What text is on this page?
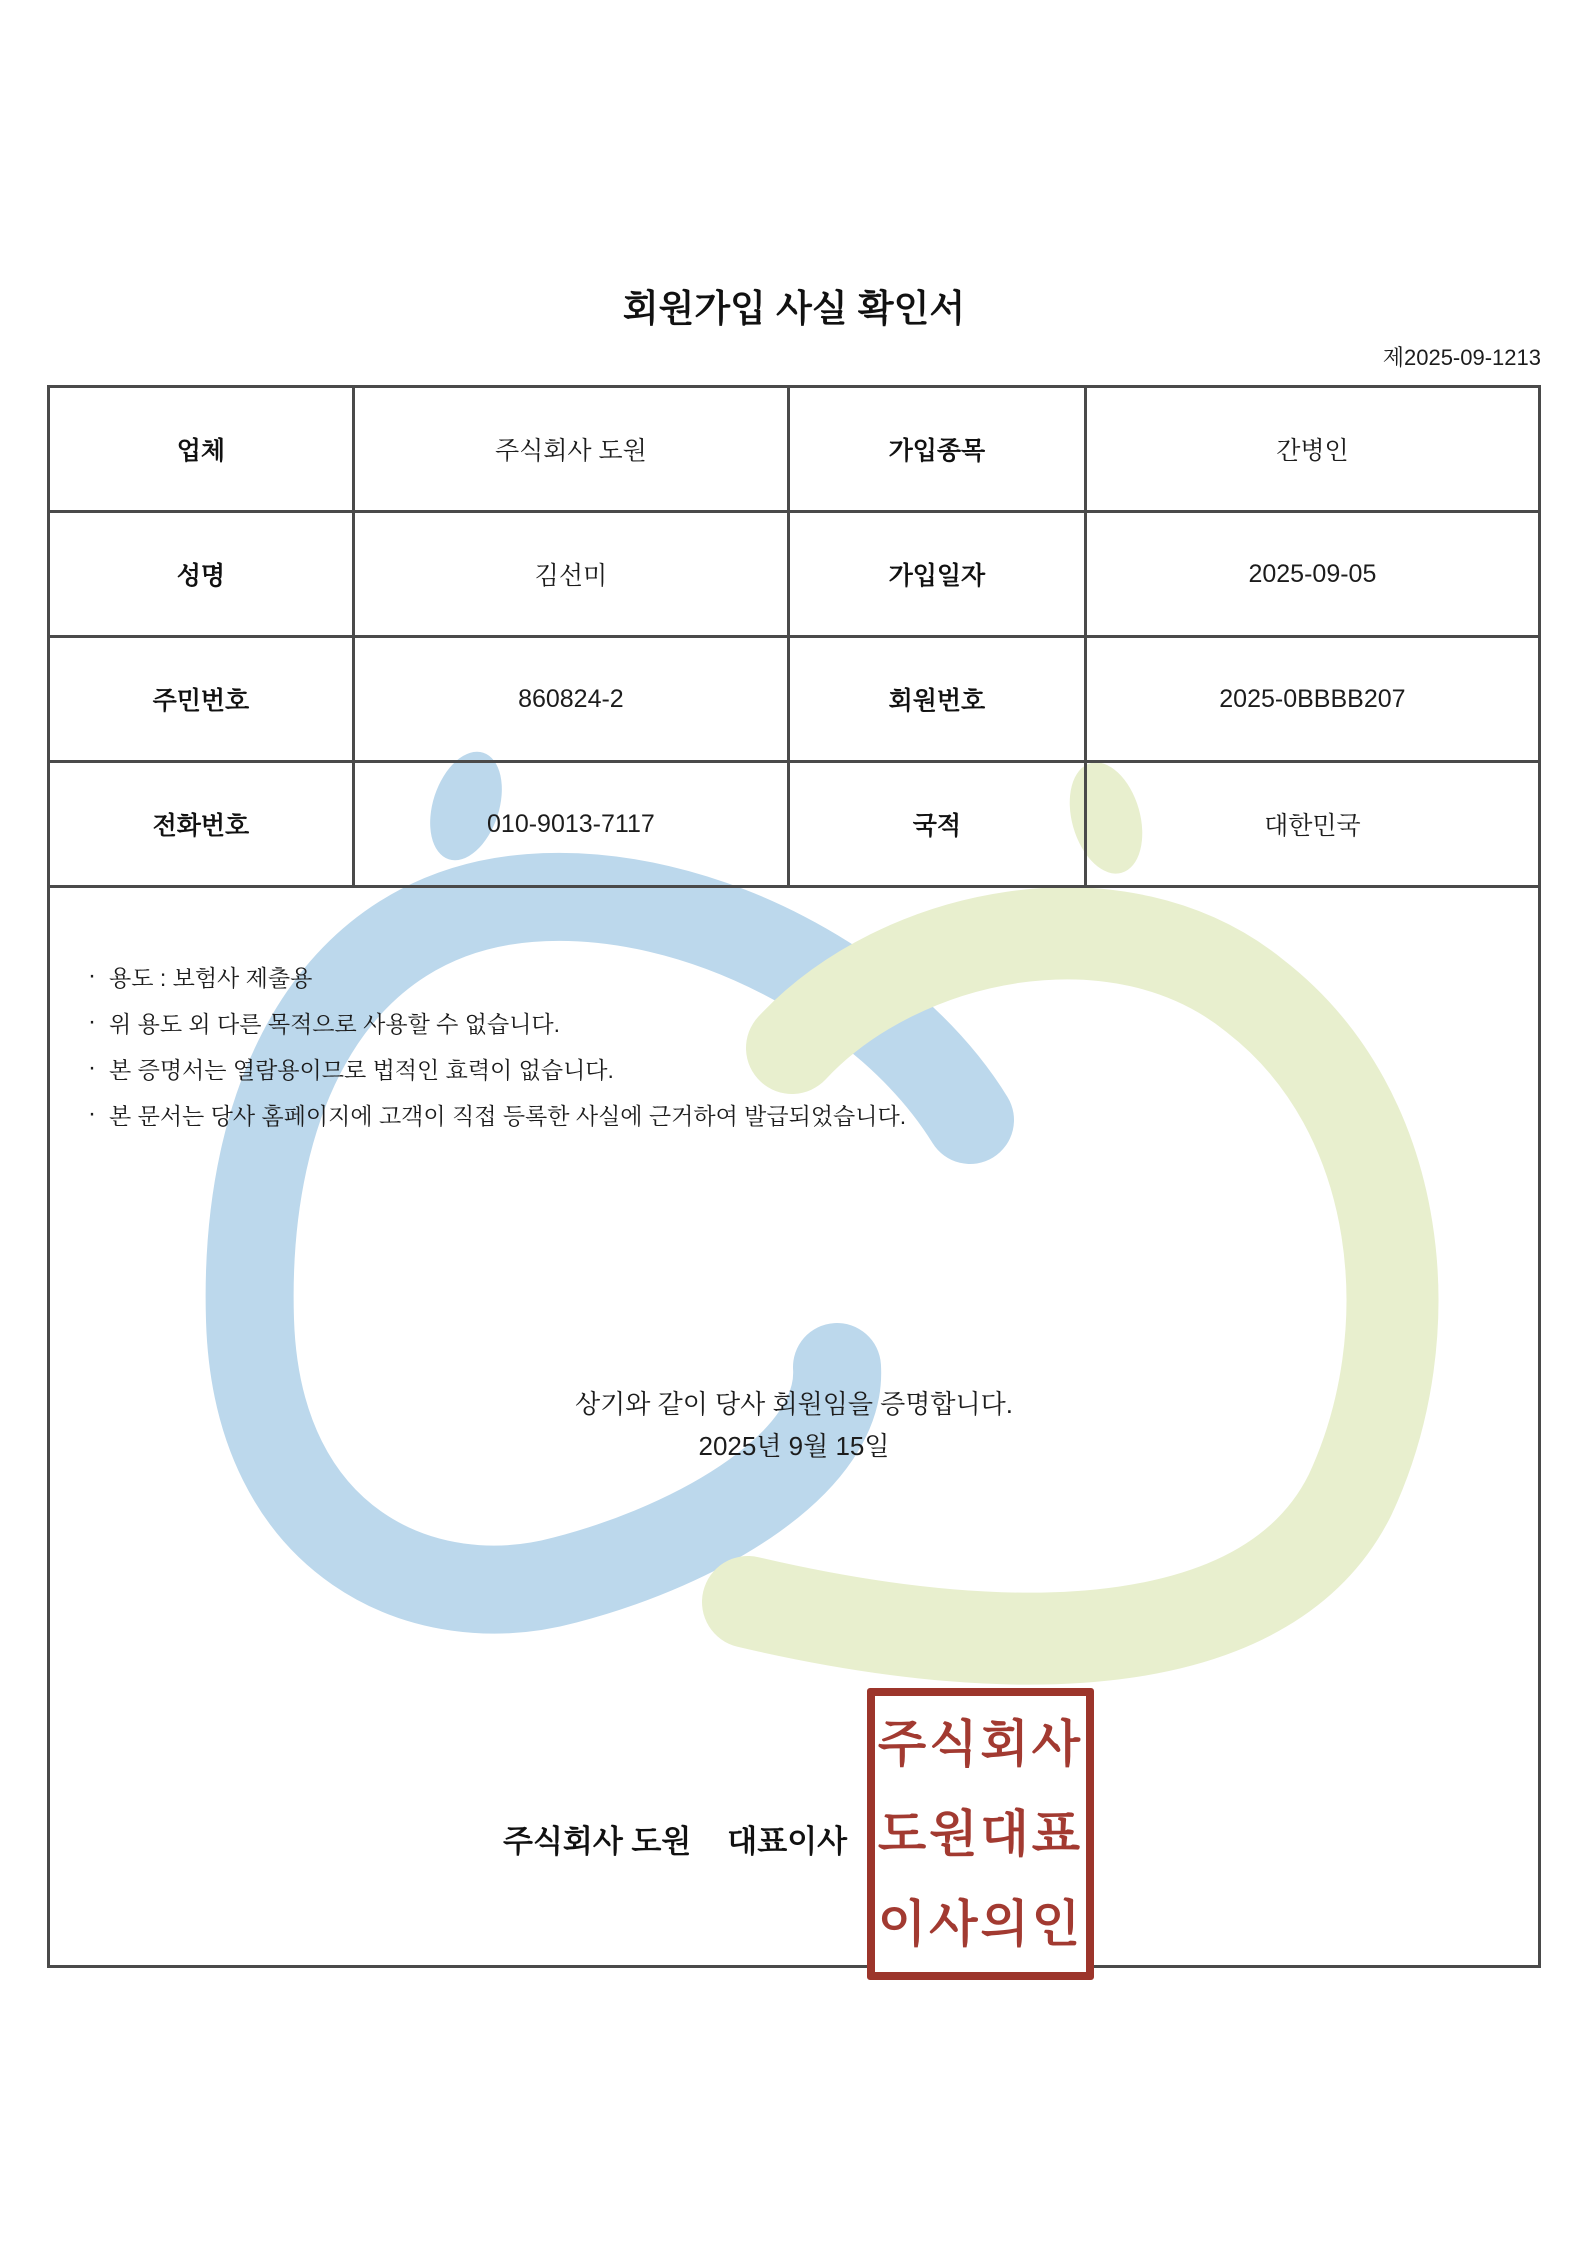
회원가입 사실 확인서
제2025-09-1213
업체	주식회사 도원	가입종목	간병인
성명	김선미	가입일자	2025-09-05
주민번호	860824-2	회원번호	2025-0BBBB207
전화번호	010-9013-7117	국적	대한민국
· 용도 : 보험사 제출용
· 위 용도 외 다른 목적으로 사용할 수 없습니다.
· 본 증명서는 열람용이므로 법적인 효력이 없습니다.
· 본 문서는 당사 홈페이지에 고객이 직접 등록한 사실에 근거하여 발급되었습니다.
상기와 같이 당사 회원임을 증명합니다.
2025년 9월 15일
주식회사 도원 대표이사
주식회사
도원대표
이사의인
